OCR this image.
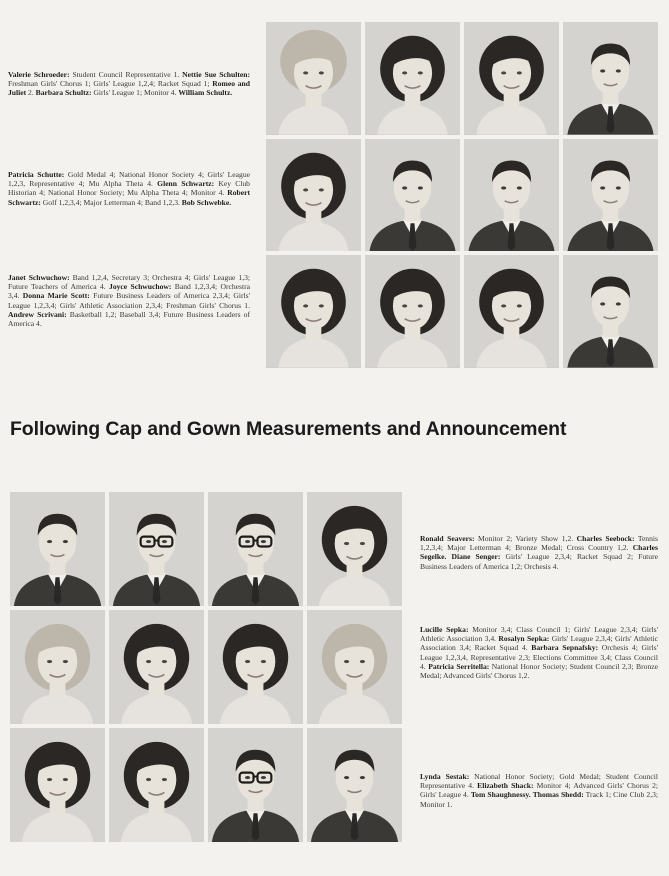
Valerie Schroeder: Student Council Representative 1. Nettie Sue Schulten: Freshman Girls' Chorus 1; Girls' League 1,2,4; Racket Squad 1; Romeo and Juliet 2. Barbara Schultz: Girls' League 1; Monitor 4. William Schultz.
Patricia Schutte: Gold Medal 4; National Honor Society 4; Girls' League 1,2,3, Representative 4; Mu Alpha Theta 4. Glenn Schwartz: Key Club Historian 4; National Honor Society; Mu Alpha Theta 4; Monitor 4. Robert Schwartz: Golf 1,2,3,4; Major Letterman 4; Band 1,2,3. Bob Schwebke.
Janet Schwuchow: Band 1,2,4, Secretary 3; Orchestra 4; Girls' League 1,3; Future Teachers of America 4. Joyce Schwuchow: Band 1,2,3,4; Orchestra 3,4. Donna Marie Scott: Future Business Leaders of America 2,3,4; Girls' League 1,2,3,4; Girls' Athletic Association 2,3,4; Freshman Girls' Chorus 1. Andrew Scrivani: Basketball 1,2; Baseball 3,4; Future Business Leaders of America 4.
Following Cap and Gown Measurements and Announcement
Ronald Seavers: Monitor 2; Variety Show 1,2. Charles Seebock: Tennis 1,2,3,4; Major Letterman 4; Bronze Medal; Cross Country 1,2. Charles Segelke. Diane Senger: Girls' League 2,3,4; Racket Squad 2; Future Business Leaders of America 1,2; Orchesis 4.
Lucille Sepka: Monitor 3,4; Class Council 1; Girls' League 2,3,4; Girls' Athletic Association 3,4. Rosalyn Sepka: Girls' League 2,3,4; Girls' Athletic Association 3,4; Racket Squad 4. Barbara Sepnafsky: Orchesis 4; Girls' League 1,2,3,4, Representative 2,3; Elections Committee 3,4; Class Council 4. Patricia Serritella: National Honor Society; Student Council 2,3; Bronze Medal; Advanced Girls' Chorus 1,2.
Lynda Sestak: National Honor Society; Gold Medal; Student Council Representative 4. Elizabeth Shack: Monitor 4; Advanced Girls' Chorus 2; Girls' League 4. Tom Shaughnessy. Thomas Shedd: Track 1; Cine Club 2,3; Monitor 1.
